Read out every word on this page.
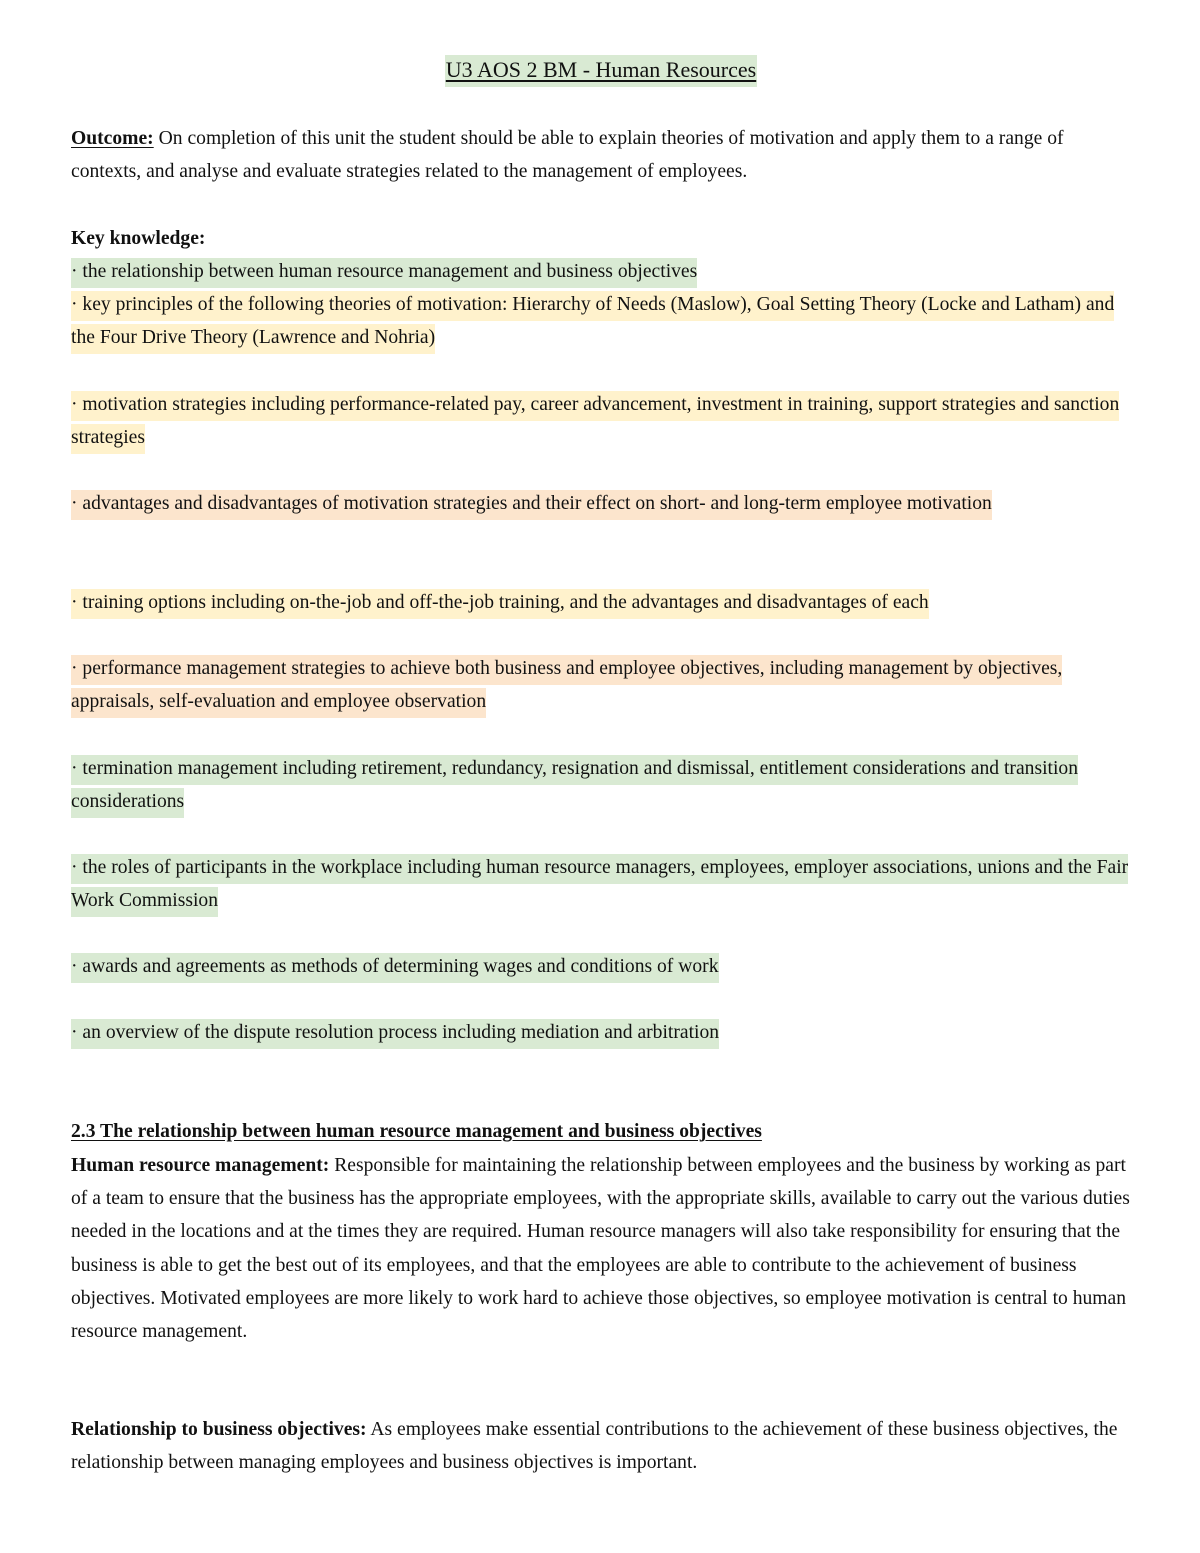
U3 AOS 2 BM - Human Resources
Outcome: On completion of this unit the student should be able to explain theories of motivation and apply them to a range of contexts, and analyse and evaluate strategies related to the management of employees.
Key knowledge:
· the relationship between human resource management and business objectives
· key principles of the following theories of motivation: Hierarchy of Needs (Maslow), Goal Setting Theory (Locke and Latham) and the Four Drive Theory (Lawrence and Nohria)
· motivation strategies including performance-related pay, career advancement, investment in training, support strategies and sanction strategies
· advantages and disadvantages of motivation strategies and their effect on short- and long-term employee motivation
· training options including on-the-job and off-the-job training, and the advantages and disadvantages of each
· performance management strategies to achieve both business and employee objectives, including management by objectives, appraisals, self-evaluation and employee observation
· termination management including retirement, redundancy, resignation and dismissal, entitlement considerations and transition considerations
· the roles of participants in the workplace including human resource managers, employees, employer associations, unions and the Fair Work Commission
· awards and agreements as methods of determining wages and conditions of work
· an overview of the dispute resolution process including mediation and arbitration
2.3 The relationship between human resource management and business objectives
Human resource management: Responsible for maintaining the relationship between employees and the business by working as part of a team to ensure that the business has the appropriate employees, with the appropriate skills, available to carry out the various duties needed in the locations and at the times they are required. Human resource managers will also take responsibility for ensuring that the business is able to get the best out of its employees, and that the employees are able to contribute to the achievement of business objectives. Motivated employees are more likely to work hard to achieve those objectives, so employee motivation is central to human resource management.
Relationship to business objectives: As employees make essential contributions to the achievement of these business objectives, the relationship between managing employees and business objectives is important.
